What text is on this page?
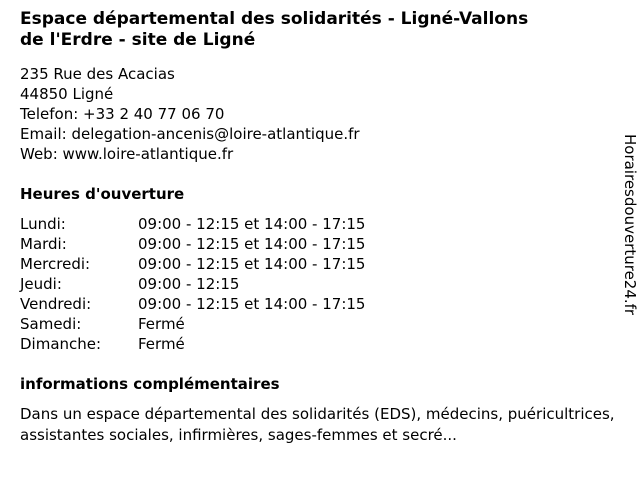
Espace départemental des solidarités - Ligné-Vallons
de l'Erdre - site de Ligné
235 Rue des Acacias
44850 Ligné
Telefon: +33 2 40 77 06 70
Email: delegation-ancenis@loire-atlantique.fr
Web: www.loire-atlantique.fr
Heures d'ouverture
Lundi:	09:00 - 12:15 et 14:00 - 17:15
Mardi:	09:00 - 12:15 et 14:00 - 17:15
Mercredi:	09:00 - 12:15 et 14:00 - 17:15
Jeudi:	09:00 - 12:15
Vendredi:	09:00 - 12:15 et 14:00 - 17:15
Samedi:	Fermé
Dimanche:	Fermé
informations complémentaires
Dans un espace départemental des solidarités (EDS), médecins, puéricultrices, assistantes sociales, infirmières, sages-femmes et secré...
Horairesdouverture24.fr
